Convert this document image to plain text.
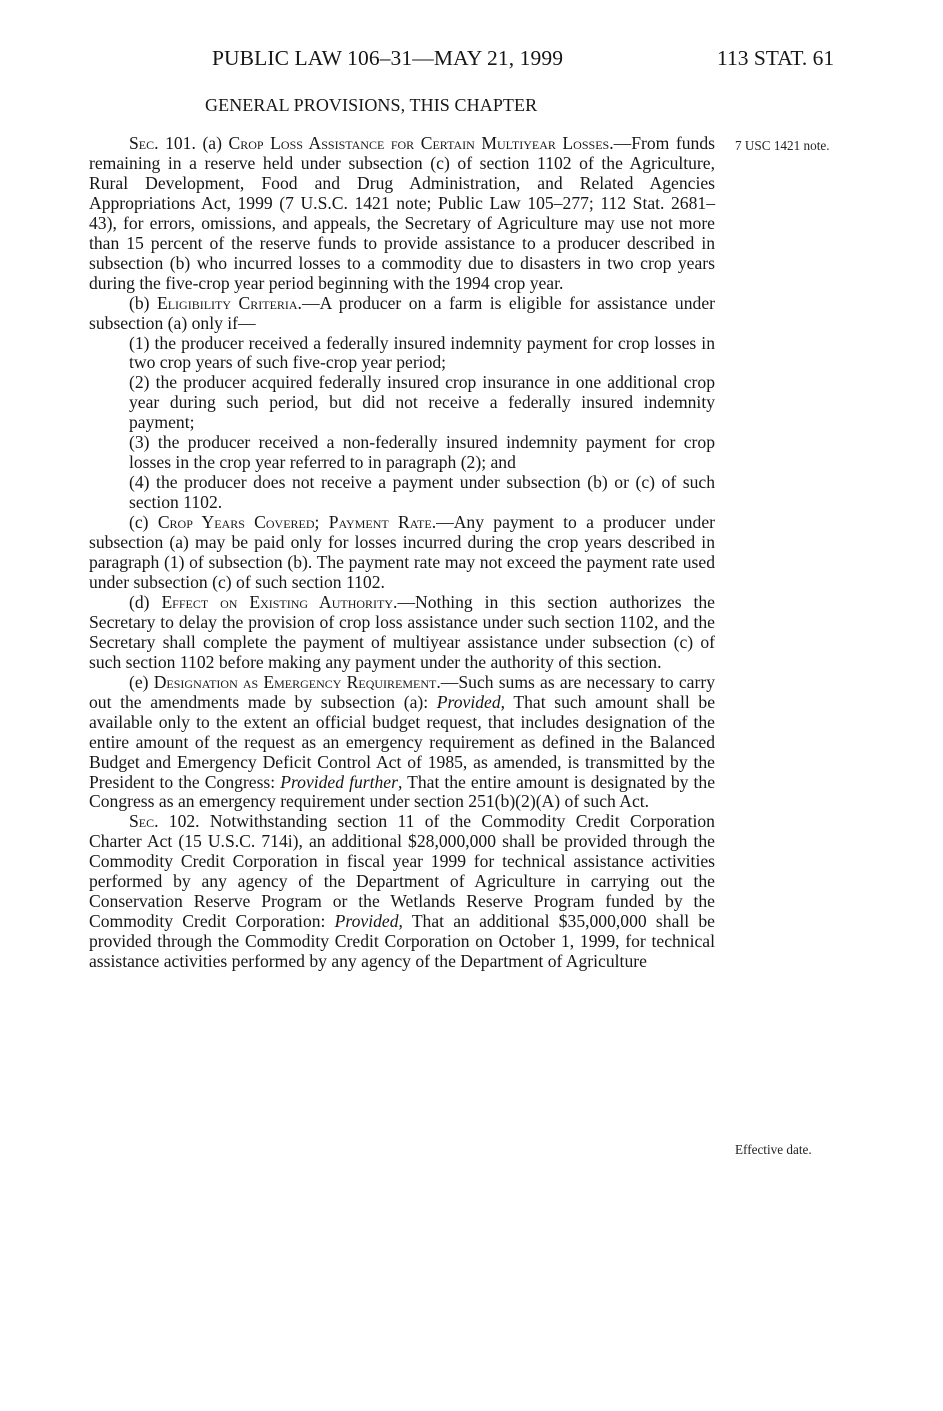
PUBLIC LAW 106–31—MAY 21, 1999	113 STAT. 61
GENERAL PROVISIONS, THIS CHAPTER
7 USC 1421 note.
Effective date.

Sec. 101. (a) Crop Loss Assistance for Certain Multiyear Losses.—From funds remaining in a reserve held under subsection (c) of section 1102 of the Agriculture, Rural Development, Food and Drug Administration, and Related Agencies Appropriations Act, 1999 (7 U.S.C. 1421 note; Public Law 105–277; 112 Stat. 2681–43), for errors, omissions, and appeals, the Secretary of Agriculture may use not more than 15 percent of the reserve funds to provide assistance to a producer described in subsection (b) who incurred losses to a commodity due to disasters in two crop years during the five-crop year period beginning with the 1994 crop year.

(b) Eligibility Criteria.—A producer on a farm is eligible for assistance under subsection (a) only if—

(1) the producer received a federally insured indemnity payment for crop losses in two crop years of such five-crop year period;

(2) the producer acquired federally insured crop insurance in one additional crop year during such period, but did not receive a federally insured indemnity payment;

(3) the producer received a non-federally insured indemnity payment for crop losses in the crop year referred to in paragraph (2); and

(4) the producer does not receive a payment under subsection (b) or (c) of such section 1102.

(c) Crop Years Covered; Payment Rate.—Any payment to a producer under subsection (a) may be paid only for losses incurred during the crop years described in paragraph (1) of subsection (b). The payment rate may not exceed the payment rate used under subsection (c) of such section 1102.

(d) Effect on Existing Authority.—Nothing in this section authorizes the Secretary to delay the provision of crop loss assistance under such section 1102, and the Secretary shall complete the payment of multiyear assistance under subsection (c) of such section 1102 before making any payment under the authority of this section.

(e) Designation as Emergency Requirement.—Such sums as are necessary to carry out the amendments made by subsection (a): Provided, That such amount shall be available only to the extent an official budget request, that includes designation of the entire amount of the request as an emergency requirement as defined in the Balanced Budget and Emergency Deficit Control Act of 1985, as amended, is transmitted by the President to the Congress: Provided further, That the entire amount is designated by the Congress as an emergency requirement under section 251(b)(2)(A) of such Act.

Sec. 102. Notwithstanding section 11 of the Commodity Credit Corporation Charter Act (15 U.S.C. 714i), an additional $28,000,000 shall be provided through the Commodity Credit Corporation in fiscal year 1999 for technical assistance activities performed by any agency of the Department of Agriculture in carrying out the Conservation Reserve Program or the Wetlands Reserve Program funded by the Commodity Credit Corporation: Provided, That an additional $35,000,000 shall be provided through the Commodity Credit Corporation on October 1, 1999, for technical assistance activities performed by any agency of the Department of Agriculture
